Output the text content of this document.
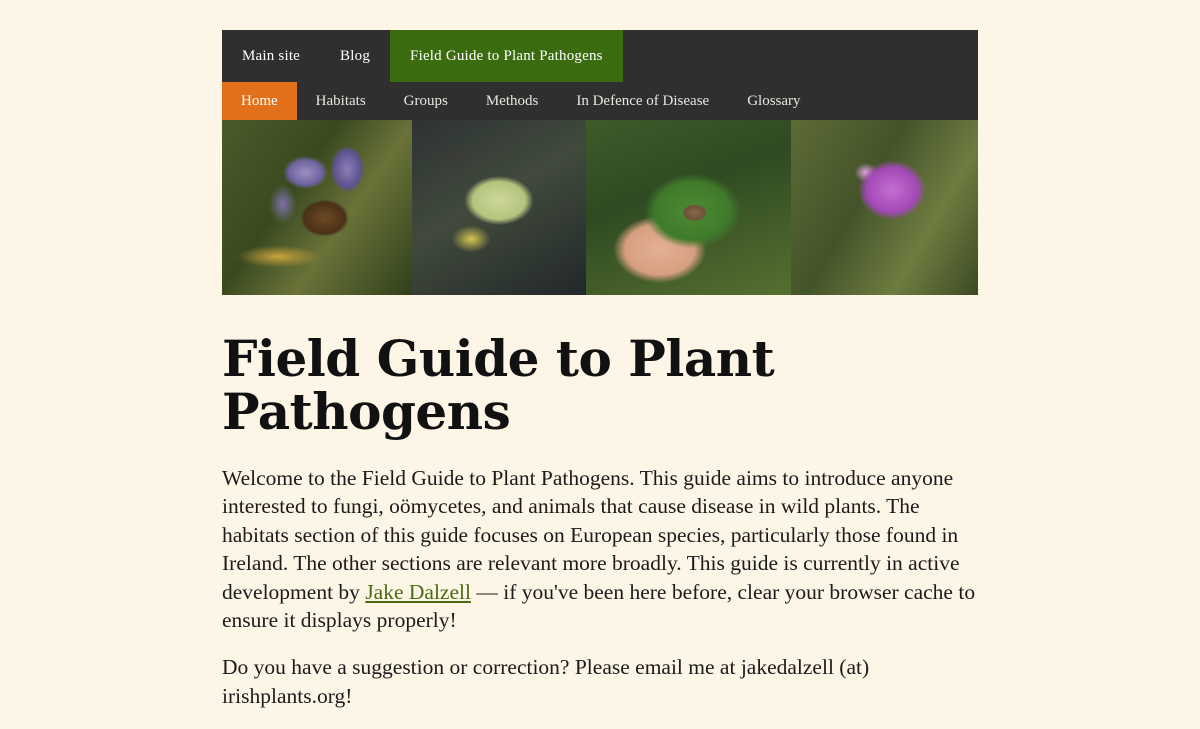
Main site	Blog	Field Guide to Plant Pathogens
Home	Habitats	Groups	Methods	In Defence of Disease	Glossary
Field Guide to Plant Pathogens

Welcome to the Field Guide to Plant Pathogens. This guide aims to introduce anyone interested to fungi, oömycetes, and animals that cause disease in wild plants. The habitats section of this guide focuses on European species, particularly those found in Ireland. The other sections are relevant more broadly. This guide is currently in active development by Jake Dalzell — if you've been here before, clear your browser cache to ensure it displays properly!

Do you have a suggestion or correction? Please email me at jakedalzell (at) irishplants.org!
